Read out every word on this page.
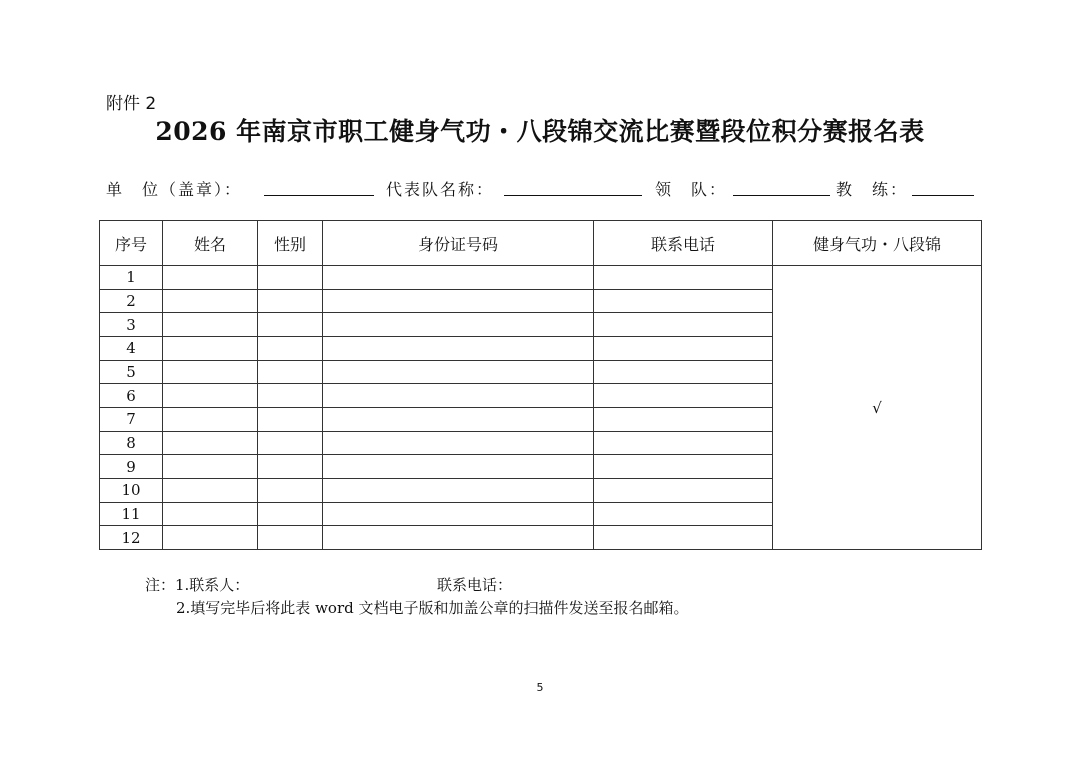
附件 2
2026 年南京市职工健身气功・八段锦交流比赛暨段位积分赛报名表
单　位（盖章）：	代表队名称：	领　队：	教　练：
序号	姓名	性别	身份证号码	联系电话	健身气功・八段锦
1					√
2					
3					
4					
5					
6					
7					
8					
9					
10					
11					
12					
注：1.联系人：	联系电话：
2.填写完毕后将此表 word 文档电子版和加盖公章的扫描件发送至报名邮箱。
5
